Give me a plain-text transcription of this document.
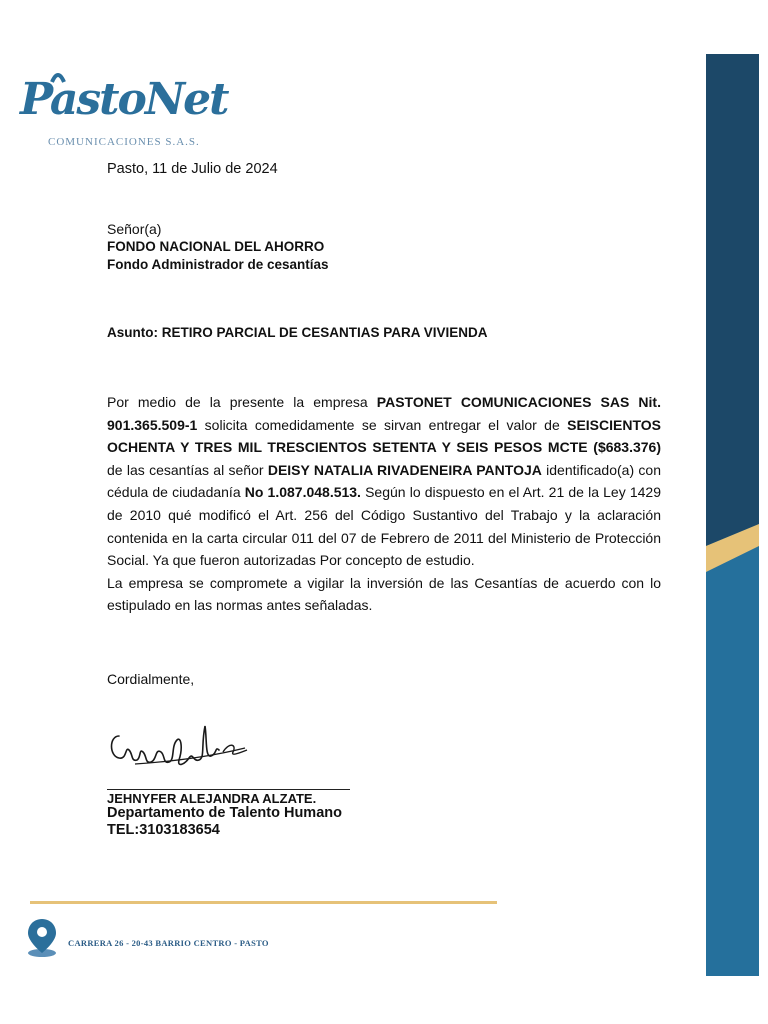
PastoNet
COMUNICACIONES S.A.S.
Pasto, 11 de Julio de 2024
Señor(a)
FONDO NACIONAL DEL AHORRO
Fondo Administrador de cesantías
Asunto: RETIRO PARCIAL DE CESANTIAS PARA VIVIENDA

Por medio de la presente la empresa PASTONET COMUNICACIONES SAS Nit. 901.365.509-1 solicita comedidamente se sirvan entregar el valor de SEISCIENTOS OCHENTA Y TRES MIL TRESCIENTOS SETENTA Y SEIS PESOS MCTE ($683.376) de las cesantías al señor DEISY NATALIA RIVADENEIRA PANTOJA identificado(a) con cédula de ciudadanía No 1.087.048.513. Según lo dispuesto en el Art. 21 de la Ley 1429 de 2010 qué modificó el Art. 256 del Código Sustantivo del Trabajo y la aclaración contenida en la carta circular 011 del 07 de Febrero de 2011 del Ministerio de Protección Social. Ya que fueron autorizadas Por concepto de estudio.

La empresa se compromete a vigilar la inversión de las Cesantías de acuerdo con lo estipulado en las normas antes señaladas.

Cordialmente,
JEHNYFER ALEJANDRA ALZATE.
Departamento de Talento Humano
TEL:3103183654
CARRERA 26 - 20-43 BARRIO CENTRO - PASTO
